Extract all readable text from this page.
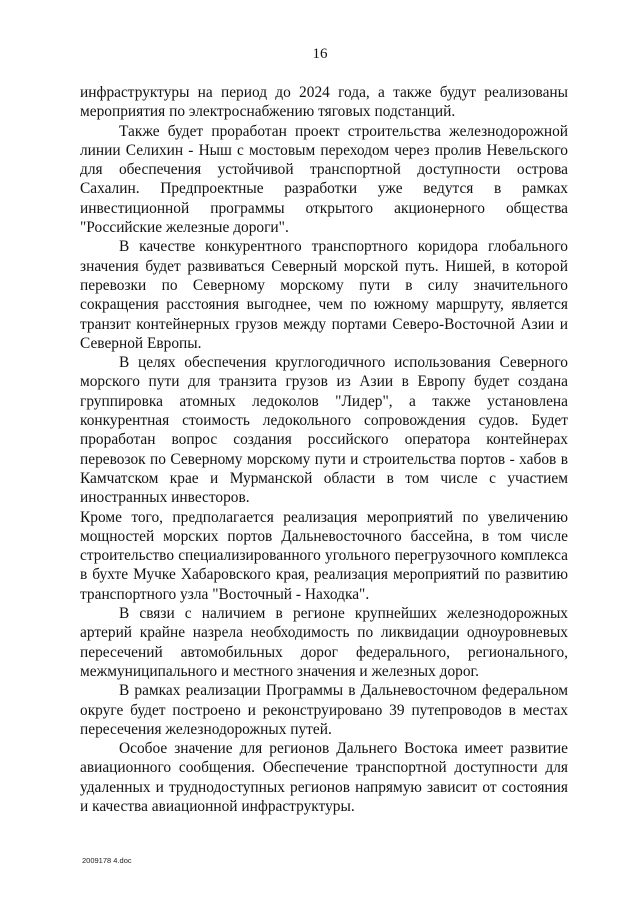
16

инфраструктуры на период до 2024 года, а также будут реализованы мероприятия по электроснабжению тяговых подстанций.

Также будет проработан проект строительства железнодорожной линии Селихин - Ныш с мостовым переходом через пролив Невельского для обеспечения устойчивой транспортной доступности острова Сахалин. Предпроектные разработки уже ведутся в рамках инвестиционной программы открытого акционерного общества "Российские железные дороги".

В качестве конкурентного транспортного коридора глобального значения будет развиваться Северный морской путь. Нишей, в которой перевозки по Северному морскому пути в силу значительного сокращения расстояния выгоднее, чем по южному маршруту, является транзит контейнерных грузов между портами Северо-Восточной Азии и Северной Европы.

В целях обеспечения круглогодичного использования Северного морского пути для транзита грузов из Азии в Европу будет создана группировка атомных ледоколов "Лидер", а также установлена конкурентная стоимость ледокольного сопровождения судов. Будет проработан вопрос создания российского оператора контейнерах перевозок по Северному морскому пути и строительства портов - хабов в Камчатском крае и Мурманской области в том числе с участием иностранных инвесторов.

Кроме того, предполагается реализация мероприятий по увеличению мощностей морских портов Дальневосточного бассейна, в том числе строительство специализированного угольного перегрузочного комплекса в бухте Мучке Хабаровского края, реализация мероприятий по развитию транспортного узла "Восточный - Находка".

В связи с наличием в регионе крупнейших железнодорожных артерий крайне назрела необходимость по ликвидации одноуровневых пересечений автомобильных дорог федерального, регионального, межмуниципального и местного значения и железных дорог.

В рамках реализации Программы в Дальневосточном федеральном округе будет построено и реконструировано 39 путепроводов в местах пересечения железнодорожных путей.

Особое значение для регионов Дальнего Востока имеет развитие авиационного сообщения. Обеспечение транспортной доступности для удаленных и труднодоступных регионов напрямую зависит от состояния и качества авиационной инфраструктуры.

2009178 4.doc
